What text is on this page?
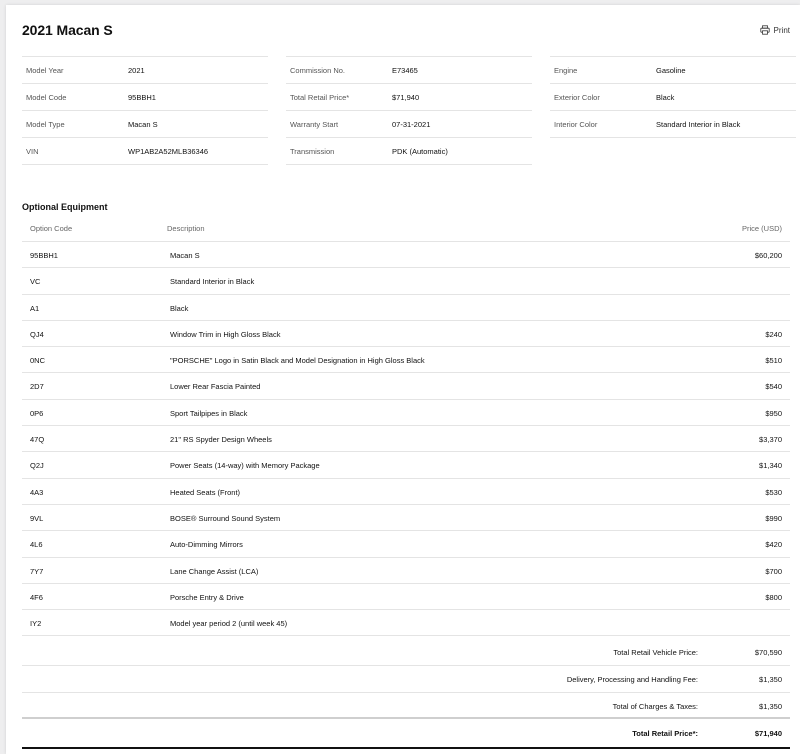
2021 Macan S	Print
Model Year	2021
Model Code	95BBH1
Model Type	Macan S
VIN	WP1AB2A52MLB36346
Commission No.	E73465
Total Retail Price*	$71,940
Warranty Start	07-31-2021
Transmission	PDK (Automatic)
Engine	Gasoline
Exterior Color	Black
Interior Color	Standard Interior in Black
Optional Equipment
Option Code	Description	Price (USD)
95BBH1	Macan S	$60,200
VC	Standard Interior in Black
A1	Black
QJ4	Window Trim in High Gloss Black	$240
0NC	"PORSCHE" Logo in Satin Black and Model Designation in High Gloss Black	$510
2D7	Lower Rear Fascia Painted	$540
0P6	Sport Tailpipes in Black	$950
47Q	21" RS Spyder Design Wheels	$3,370
Q2J	Power Seats (14-way) with Memory Package	$1,340
4A3	Heated Seats (Front)	$530
9VL	BOSE® Surround Sound System	$990
4L6	Auto-Dimming Mirrors	$420
7Y7	Lane Change Assist (LCA)	$700
4F6	Porsche Entry & Drive	$800
IY2	Model year period 2 (until week 45)
Total Retail Vehicle Price:	$70,590
Delivery, Processing and Handling Fee:	$1,350
Total of Charges & Taxes:	$1,350
Total Retail Price*:	$71,940
